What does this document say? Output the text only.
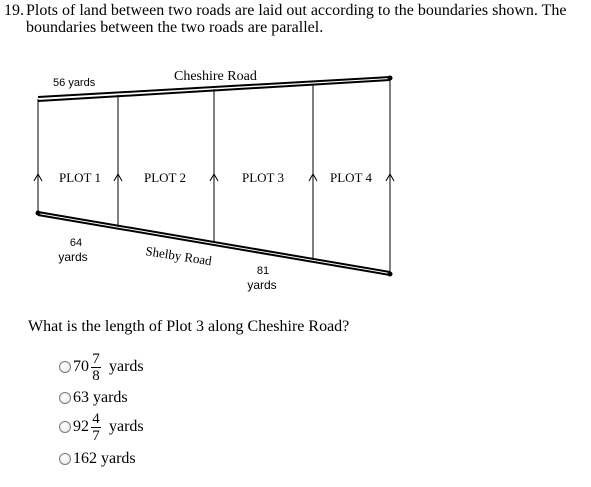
19. Plots of land between two roads are laid out according to the boundaries shown. The
boundaries between the two roads are parallel.
Cheshire Road
56 yards
PLOT 1	PLOT 2	PLOT 3	PLOT 4
64
yards	Shelby Road
81
yards
What is the length of Plot 3 along Cheshire Road?
$70 \frac{7}{8}$ yards
63 yards
$92 \frac{4}{7}$ yards
162 yards
